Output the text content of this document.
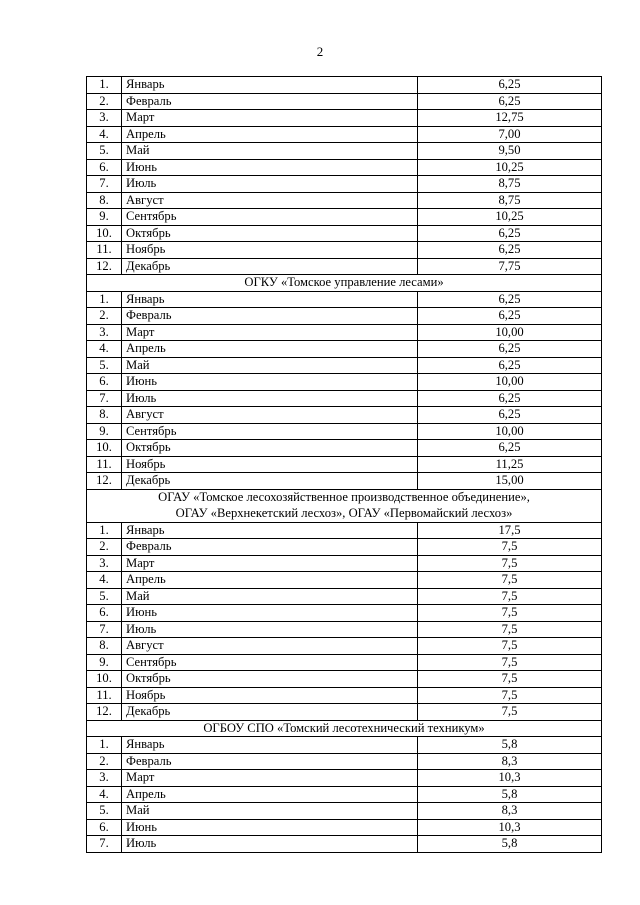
2
1.	Январь	6,25
2.	Февраль	6,25
3.	Март	12,75
4.	Апрель	7,00
5.	Май	9,50
6.	Июнь	10,25
7.	Июль	8,75
8.	Август	8,75
9.	Сентябрь	10,25
10.	Октябрь	6,25
11.	Ноябрь	6,25
12.	Декабрь	7,75
ОГКУ «Томское управление лесами»		
1.	Январь	6,25
2.	Февраль	6,25
3.	Март	10,00
4.	Апрель	6,25
5.	Май	6,25
6.	Июнь	10,00
7.	Июль	6,25
8.	Август	6,25
9.	Сентябрь	10,00
10.	Октябрь	6,25
11.	Ноябрь	11,25
12.	Декабрь	15,00
ОГАУ «Томское лесохозяйственное производственное объединение»,
ОГАУ «Верхнекетский лесхоз», ОГАУ «Первомайский лесхоз»		
1.	Январь	17,5
2.	Февраль	7,5
3.	Март	7,5
4.	Апрель	7,5
5.	Май	7,5
6.	Июнь	7,5
7.	Июль	7,5
8.	Август	7,5
9.	Сентябрь	7,5
10.	Октябрь	7,5
11.	Ноябрь	7,5
12.	Декабрь	7,5
ОГБОУ СПО «Томский лесотехнический техникум»		
1.	Январь	5,8
2.	Февраль	8,3
3.	Март	10,3
4.	Апрель	5,8
5.	Май	8,3
6.	Июнь	10,3
7.	Июль	5,8
